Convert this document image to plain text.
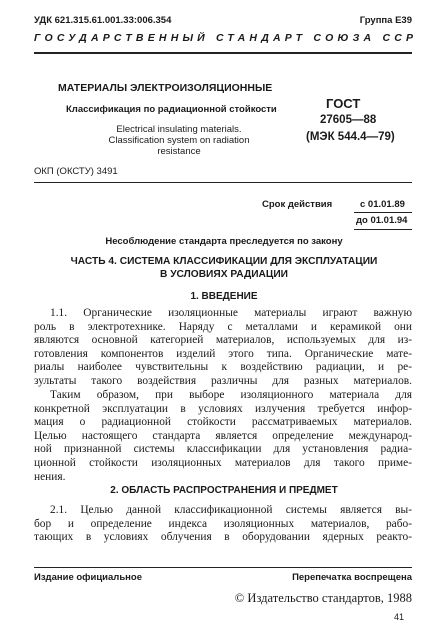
УДК 621.315.61.001.33:006.354	Группа Е39
ГОСУДАРСТВЕННЫЙ СТАНДАРТ СОЮЗА ССР
МАТЕРИАЛЫ ЭЛЕКТРОИЗОЛЯЦИОННЫЕ
Классификация по радиационной стойкости
Electrical insulating materials.
Classification system on radiation
resistance
ГОСТ
27605—88
(МЭК 544.4—79)
ОКП (ОКСТУ) 3491
Срок действия	с 01.01.89
до 01.01.94
Несоблюдение стандарта преследуется по закону
ЧАСТЬ 4. СИСТЕМА КЛАССИФИКАЦИИ ДЛЯ ЭКСПЛУАТАЦИИ
В УСЛОВИЯХ РАДИАЦИИ
1. ВВЕДЕНИЕ
1.1. Органические изоляционные материалы играют важную
роль в электротехнике. Наряду с металлами и керамикой они
являются основной категорией материалов, используемых для из-
готовления компонентов изделий этого типа. Органические мате-
риалы наиболее чувствительны к воздействию радиации, и ре-
зультаты такого воздействия различны для разных материалов.
Таким образом, при выборе изоляционного материала для
конкретной эксплуатации в условиях излучения требуется инфор-
мация о радиационной стойкости рассматриваемых материалов.
Целью настоящего стандарта является определение международ-
ной признанной системы классификации для установления радиа-
ционной стойкости изоляционных материалов для такого приме-
нения.
2. ОБЛАСТЬ РАСПРОСТРАНЕНИЯ И ПРЕДМЕТ
2.1. Целью данной классификационной системы является вы-
бор и определение индекса изоляционных материалов, рабо-
тающих в условиях облучения в оборудовании ядерных реакто-
Издание официальное	Перепечатка воспрещена
© Издательство стандартов, 1988
41
